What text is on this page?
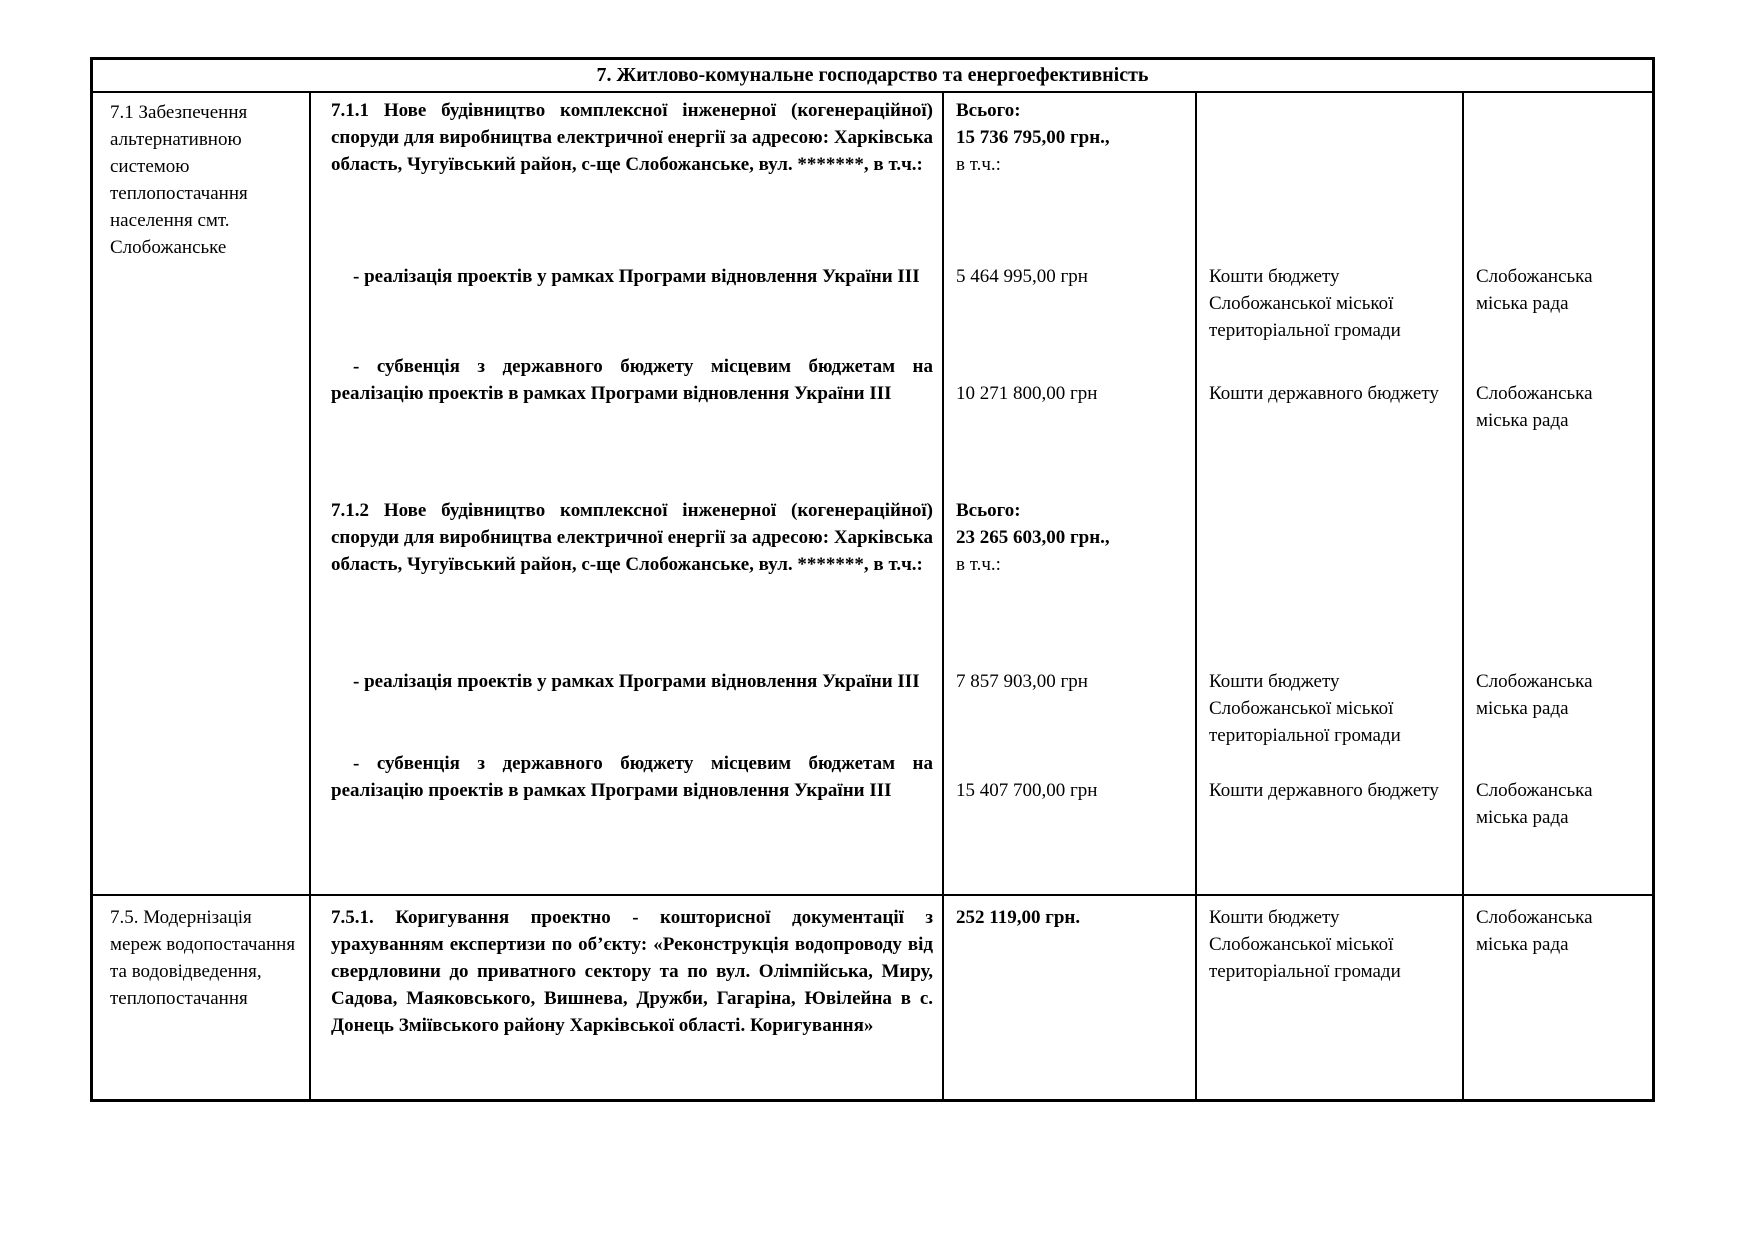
7. Житлово-комунальне господарство та енергоефективність
7.1 Забезпечення альтернативною системою теплопостачання населення смт. Слобожанське
7.1.1 Нове будівництво комплексної інженерної (когенераційної) споруди для виробництва електричної енергії за адресою: Харківська область, Чугуївський район, с-ще Слобожанське, вул. *******, в т.ч.:
- реалізація проектів у рамках Програми відновлення України ІІІ
- субвенція з державного бюджету місцевим бюджетам на реалізацію проектів в рамках Програми відновлення України ІІІ
7.1.2 Нове будівництво комплексної інженерної (когенераційної) споруди для виробництва електричної енергії за адресою: Харківська область, Чугуївський район, с-ще Слобожанське, вул. *******, в т.ч.:
- реалізація проектів у рамках Програми відновлення України ІІІ
- субвенція з державного бюджету місцевим бюджетам на реалізацію проектів в рамках Програми відновлення України ІІІ
Всього:
15 736 795,00 грн.,
в т.ч.:
5 464 995,00 грн
10 271 800,00 грн
Всього:
23 265 603,00 грн.,
в т.ч.:
7 857 903,00 грн
15 407 700,00 грн
Кошти бюджету Слобожанської міської територіальної громади
Кошти державного бюджету
Кошти бюджету Слобожанської міської територіальної громади
Кошти державного бюджету
Слобожанська міська рада
Слобожанська міська рада
Слобожанська міська рада
Слобожанська міська рада
7.5. Модернізація мереж водопостачання та водовідведення, теплопостачання
7.5.1. Коригування проектно - кошторисної документації з урахуванням експертизи по об’єкту: «Реконструкція водопроводу від свердловини до приватного сектору та по вул. Олімпійська, Миру, Садова, Маяковського, Вишнева, Дружби, Гагаріна, Ювілейна в с. Донець Зміївського району Харківської області. Коригування»
252 119,00 грн.	Кошти бюджету Слобожанської міської територіальної громади
Слобожанська міська рада
